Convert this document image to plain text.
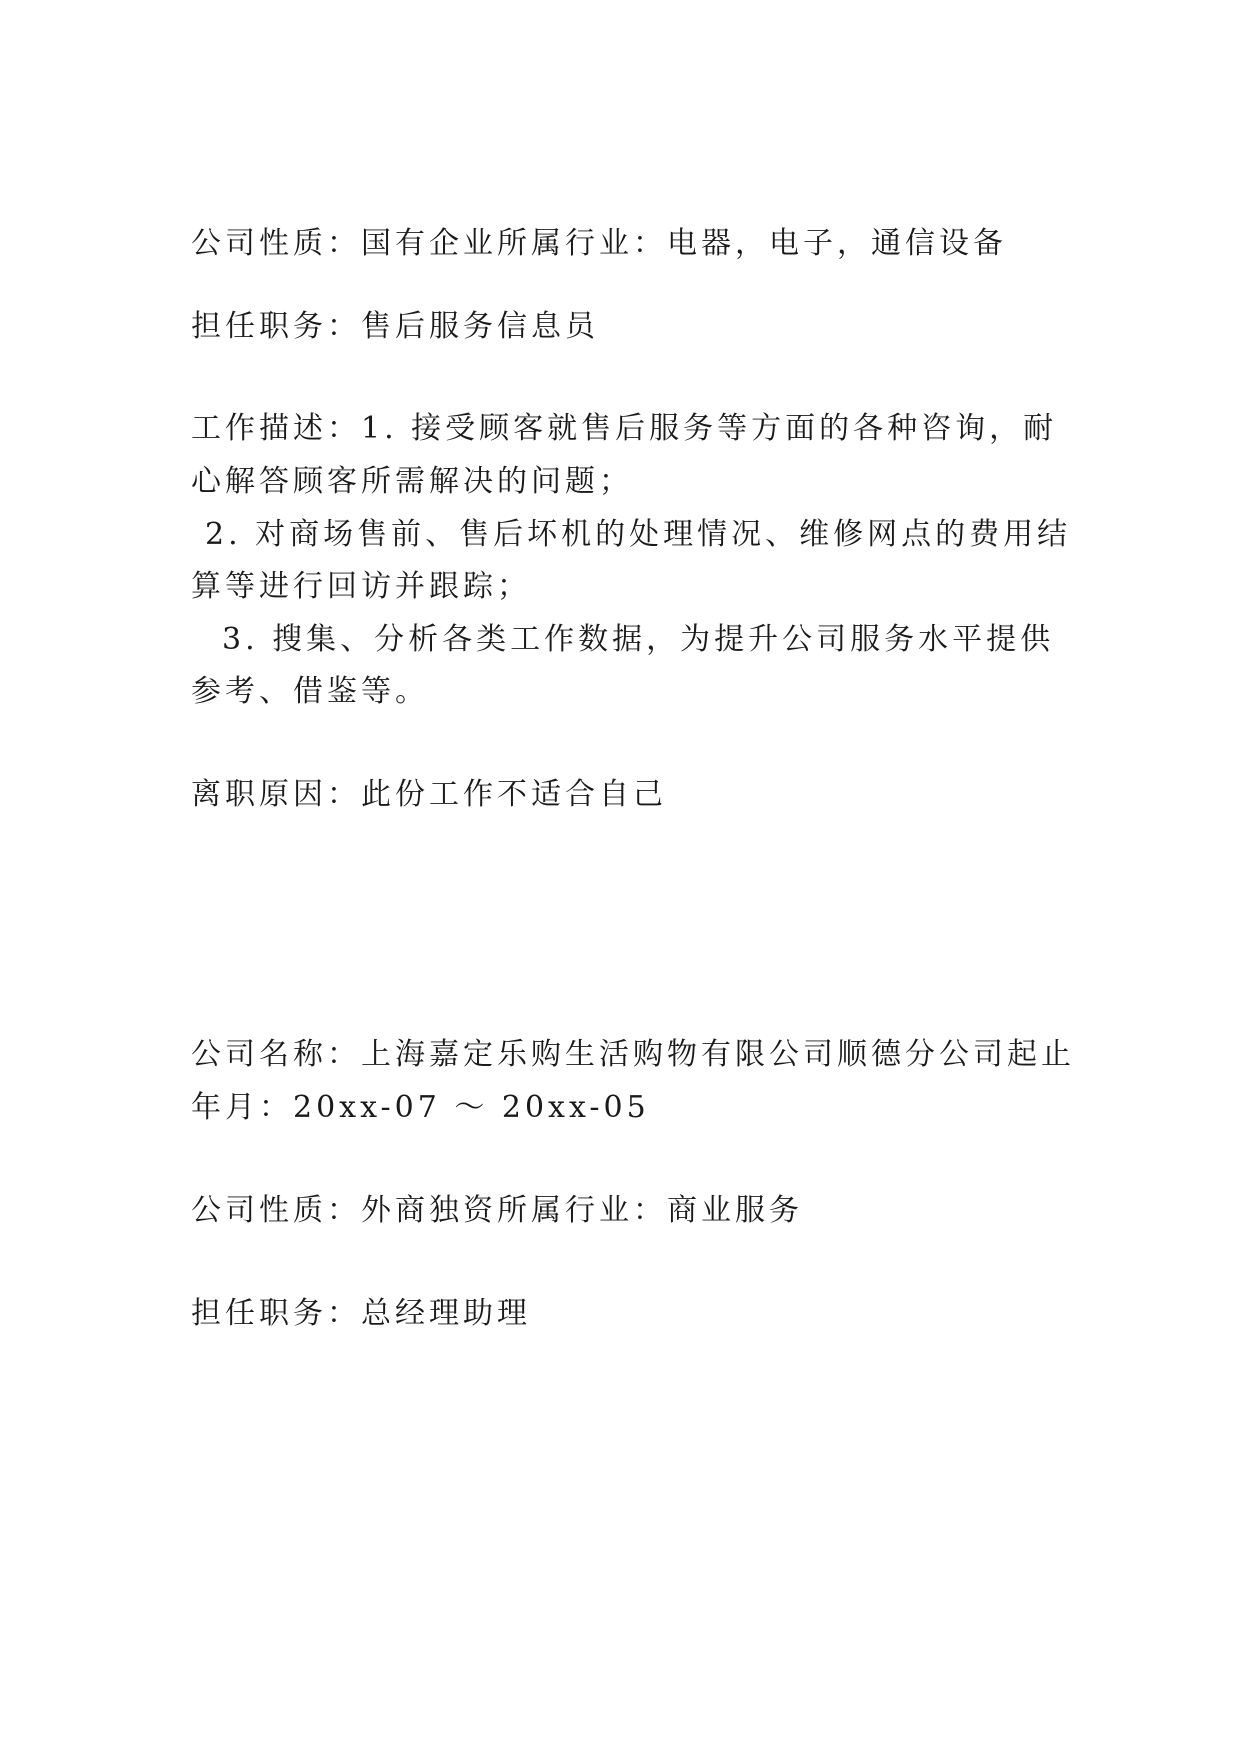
公司性质：国有企业所属行业：电器，电子，通信设备
担任职务：售后服务信息员
工作描述：1. 接受顾客就售后服务等方面的各种咨询，耐
心解答顾客所需解决的问题；
2. 对商场售前、售后坏机的处理情况、维修网点的费用结
算等进行回访并跟踪；
3. 搜集、分析各类工作数据，为提升公司服务水平提供
参考、借鉴等。
离职原因：此份工作不适合自己
公司名称：上海嘉定乐购生活购物有限公司顺德分公司起止
年月：20xx-07 ～ 20xx-05
公司性质：外商独资所属行业：商业服务
担任职务：总经理助理
